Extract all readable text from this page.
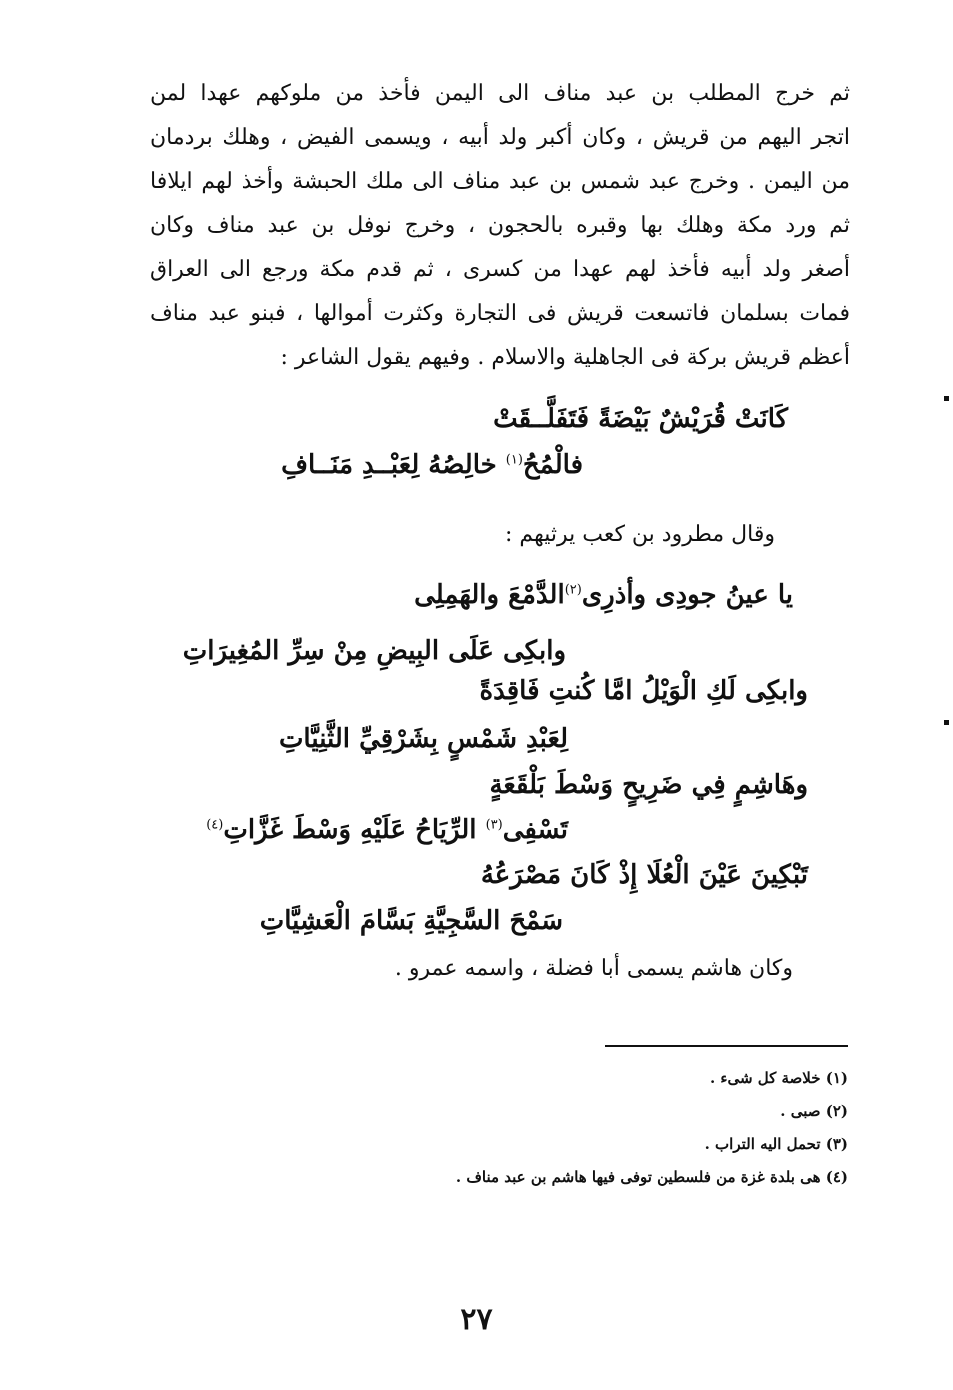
ثم خرج المطلب بن عبد مناف الى اليمن فأخذ من ملوكهم عهدا لمن
اتجر اليهم من قريش ، وكان أكبر ولد أبيه ، ويسمى الفيض ، وهلك بردمان
من اليمن . وخرج عبد شمس بن عبد مناف الى ملك الحبشة وأخذ لهم ايلافا
ثم ورد مكة وهلك بها وقبره بالحجون ، وخرج نوفل بن عبد مناف وكان
أصغر ولد أبيه فأخذ لهم عهدا من كسرى ، ثم قدم مكة ورجع الى العراق
فمات بسلمان فاتسعت قريش فى التجارة وكثرت أموالها ، فبنو عبد مناف
أعظم قريش بركة فى الجاهلية والاسلام . وفيهم يقول الشاعر :
كَانَتْ قُرَيْشٌ بَيْضَةً فَتَفَلَّــقَتْ
فالْمُحُ$^{(١)}$ خالِصُهُ لِعَبْــدِ مَنَــافِ
وقال مطرود بن كعب يرثيهم :
يا عينُ جودِى وأذرِى$^{(٢)}$الدَّمْعَ والهَمِلِى
وابكِى عَلَى البِيضِ مِنْ سِرِّ المُغِيرَاتِ
وابكِى لَكِ الْوَيْلُ امَّا كُنتِ فَاقِدَةً
لِعَبْدِ شَمْسٍ بِشَرْقِيِّ الثَّنِيَّاتِ
وهَاشِمٍ فِي ضَرِيحٍ وَسْطَ بَلْقَعَةٍ
تَسْفِى$^{(٣)}$ الرِّيَاحُ عَلَيْهِ وَسْطَ غَزَّاتِ$^{(٤)}$
تَبْكِينَ عَيْنَ الْعُلَا إِذْ كَانَ مَصْرَعُهُ
سَمْحَ السَّجِيَّةِ بَسَّامَ الْعَشِيَّاتِ
وكان هاشم يسمى أبا فضلة ، واسمه عمرو .
(١) خلاصة كل شىء .
(٢) صبى .
(٣) تحمل اليه التراب .
(٤) هى بلدة غزة من فلسطين توفى فيها هاشم بن عبد مناف .
٢٧
